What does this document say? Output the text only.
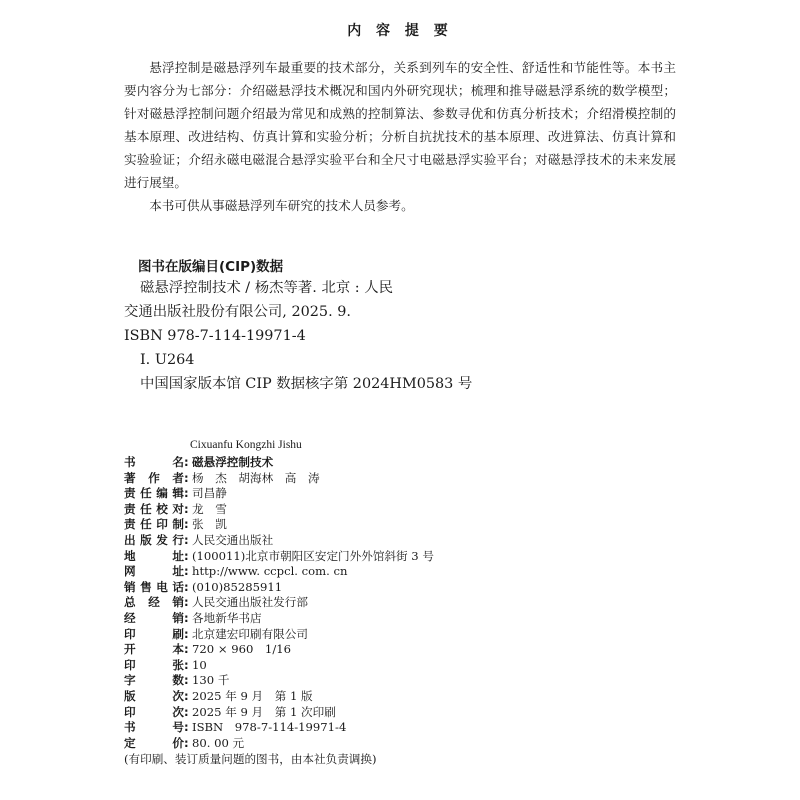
内 容 提 要

悬浮控制是磁悬浮列车最重要的技术部分，关系到列车的安全性、舒适性和节能性等。本书主要内容分为七部分：介绍磁悬浮技术概况和国内外研究现状；梳理和推导磁悬浮系统的数学模型；针对磁悬浮控制问题介绍最为常见和成熟的控制算法、参数寻优和仿真分析技术；介绍滑模控制的基本原理、改进结构、仿真计算和实验分析；分析自抗扰技术的基本原理、改进算法、仿真计算和实验验证；介绍永磁电磁混合悬浮实验平台和全尺寸电磁悬浮实验平台；对磁悬浮技术的未来发展进行展望。

本书可供从事磁悬浮列车研究的技术人员参考。

图书在版编目(CIP)数据
磁悬浮控制技术 / 杨杰等著. 北京 : 人民
交通出版社股份有限公司, 2025. 9.
ISBN 978-7-114-19971-4
Ⅰ. U264
中国国家版本馆 CIP 数据核字第 2024HM0583 号
Cixuanfu Kongzhi Jishu
书名 : 磁悬浮控制技术
著作者 : 杨　杰　胡海林　高　涛
责任编辑 : 司昌静
责任校对 : 龙　雪
责任印制 : 张　凯
出版发行 : 人民交通出版社
地址 : (100011)北京市朝阳区安定门外外馆斜街 3 号
网址 : http://www. ccpcl. com. cn
销售电话 : (010)85285911
总经销 : 人民交通出版社发行部
经销 : 各地新华书店
印刷 : 北京建宏印刷有限公司
开本 : 720 × 960　1/16
印张 : 10
字数 : 130 千
版次 : 2025 年 9 月　第 1 版
印次 : 2025 年 9 月　第 1 次印刷
书号 : ISBN　978-7-114-19971-4
定价 : 80. 00 元
(有印刷、装订质量问题的图书，由本社负责调换)
